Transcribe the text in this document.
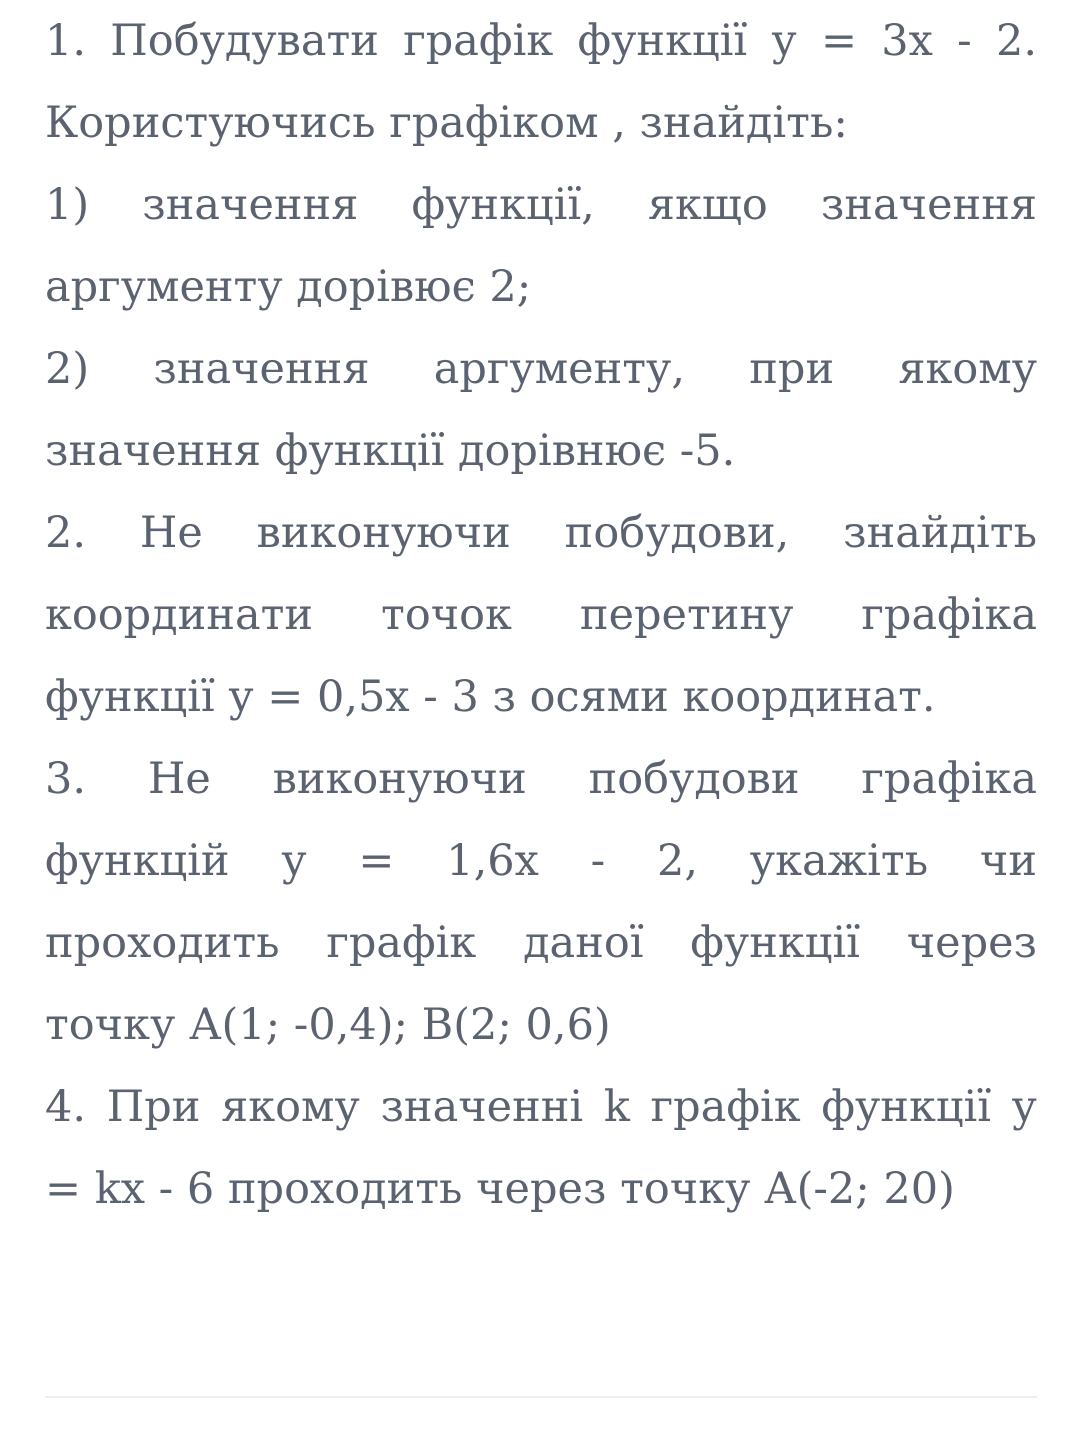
1. Побудувати графік функції у = 3х - 2.
Користуючись графіком , знайдіть:
1) значення функції, якщо значення
аргументу дорівює 2;
2) значення аргументу, при якому
значення функції дорівнює -5.
2. Не виконуючи побудови, знайдіть
координати точок перетину графіка
функції у = 0,5х - 3 з осями координат.
3. Не виконуючи побудови графіка
функцій у = 1,6х - 2, укажіть чи
проходить графік даної функції через
точку А(1; -0,4); В(2; 0,6)
4. При якому значенні k графік функції у
= kx - 6 проходить через точку А(-2; 20)
